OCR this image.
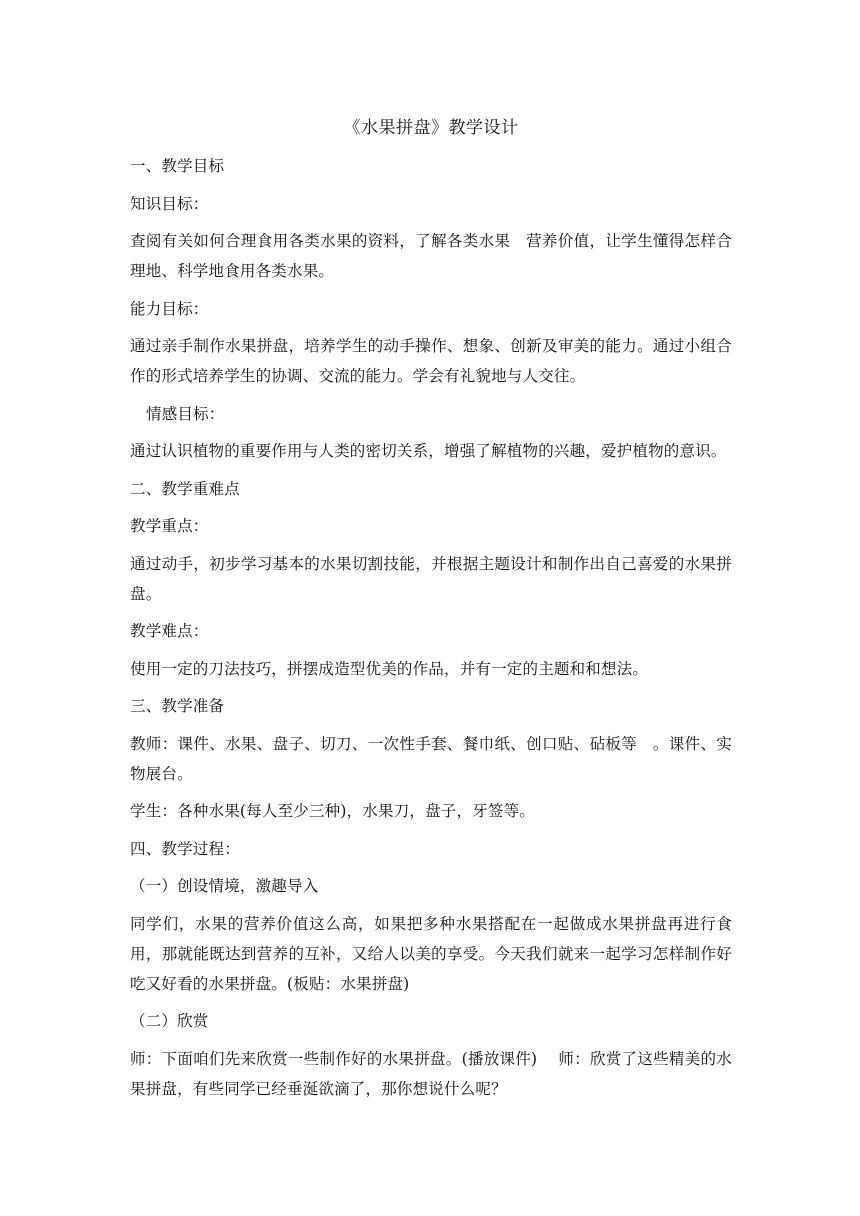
《水果拼盘》教学设计
一、教学目标
知识目标：
查阅有关如何合理食用各类水果的资料，了解各类水果　营养价值，让学生懂得怎样合理地、科学地食用各类水果。
能力目标：
通过亲手制作水果拼盘，培养学生的动手操作、想象、创新及审美的能力。通过小组合作的形式培养学生的协调、交流的能力。学会有礼貌地与人交往。
情感目标：
通过认识植物的重要作用与人类的密切关系，增强了解植物的兴趣，爱护植物的意识。
二、教学重难点
教学重点：
通过动手，初步学习基本的水果切割技能，并根据主题设计和制作出自己喜爱的水果拼盘。
教学难点：
使用一定的刀法技巧，拼摆成造型优美的作品，并有一定的主题和和想法。
三、教学准备
教师：课件、水果、盘子、切刀、一次性手套、餐巾纸、创口贴、砧板等　。课件、实物展台。
学生：各种水果(每人至少三种)，水果刀，盘子，牙签等。
四、教学过程：
（一）创设情境，激趣导入
同学们，水果的营养价值这么高，如果把多种水果搭配在一起做成水果拼盘再进行食用，那就能既达到营养的互补，又给人以美的享受。今天我们就来一起学习怎样制作好吃又好看的水果拼盘。(板贴：水果拼盘)
（二）欣赏
师：下面咱们先来欣赏一些制作好的水果拼盘。(播放课件)　 师：欣赏了这些精美的水果拼盘，有些同学已经垂涎欲滴了，那你想说什么呢？
